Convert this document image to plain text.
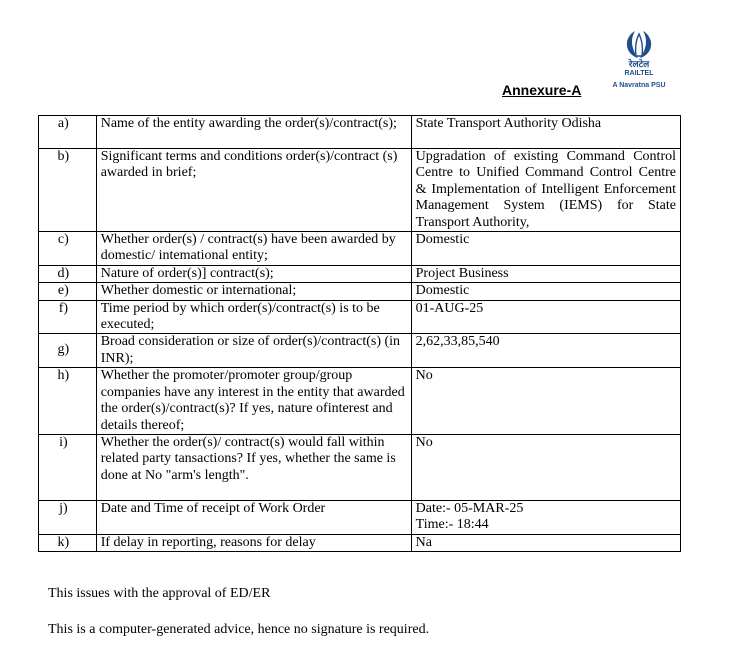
रेलटेल
RAILTEL
A Navratna PSU
Annexure-A
a)	Name of the entity awarding the order(s)/contract(s);	State Transport Authority Odisha
b)	Significant terms and conditions order(s)/contract (s) awarded in brief;	Upgradation of existing Command Control Centre to Unified Command Control Centre & Implementation of Intelligent Enforcement Management System (IEMS) for State Transport Authority,
c)	Whether order(s) / contract(s) have been awarded by domestic/ intemational entity;	Domestic
d)	Nature of order(s)] contract(s);	Project Business
e)	Whether domestic or international;	Domestic
f)	Time period by which order(s)/contract(s) is to be executed;	01-AUG-25
g)	Broad consideration or size of order(s)/contract(s) (in INR);	2,62,33,85,540
h)	Whether the promoter/promoter group/group companies have any interest in the entity that awarded the order(s)/contract(s)? If yes, nature ofinterest and details thereof;	No
i)	Whether the order(s)/ contract(s) would fall within related party tansactions? If yes, whether the same is done at No "arm's length".	No
j)	Date and Time of receipt of Work Order	Date:- 05-MAR-25
Time:- 18:44

k)	If delay in reporting, reasons for delay	Na
This issues with the approval of ED/ER
This is a computer-generated advice, hence no signature is required.
